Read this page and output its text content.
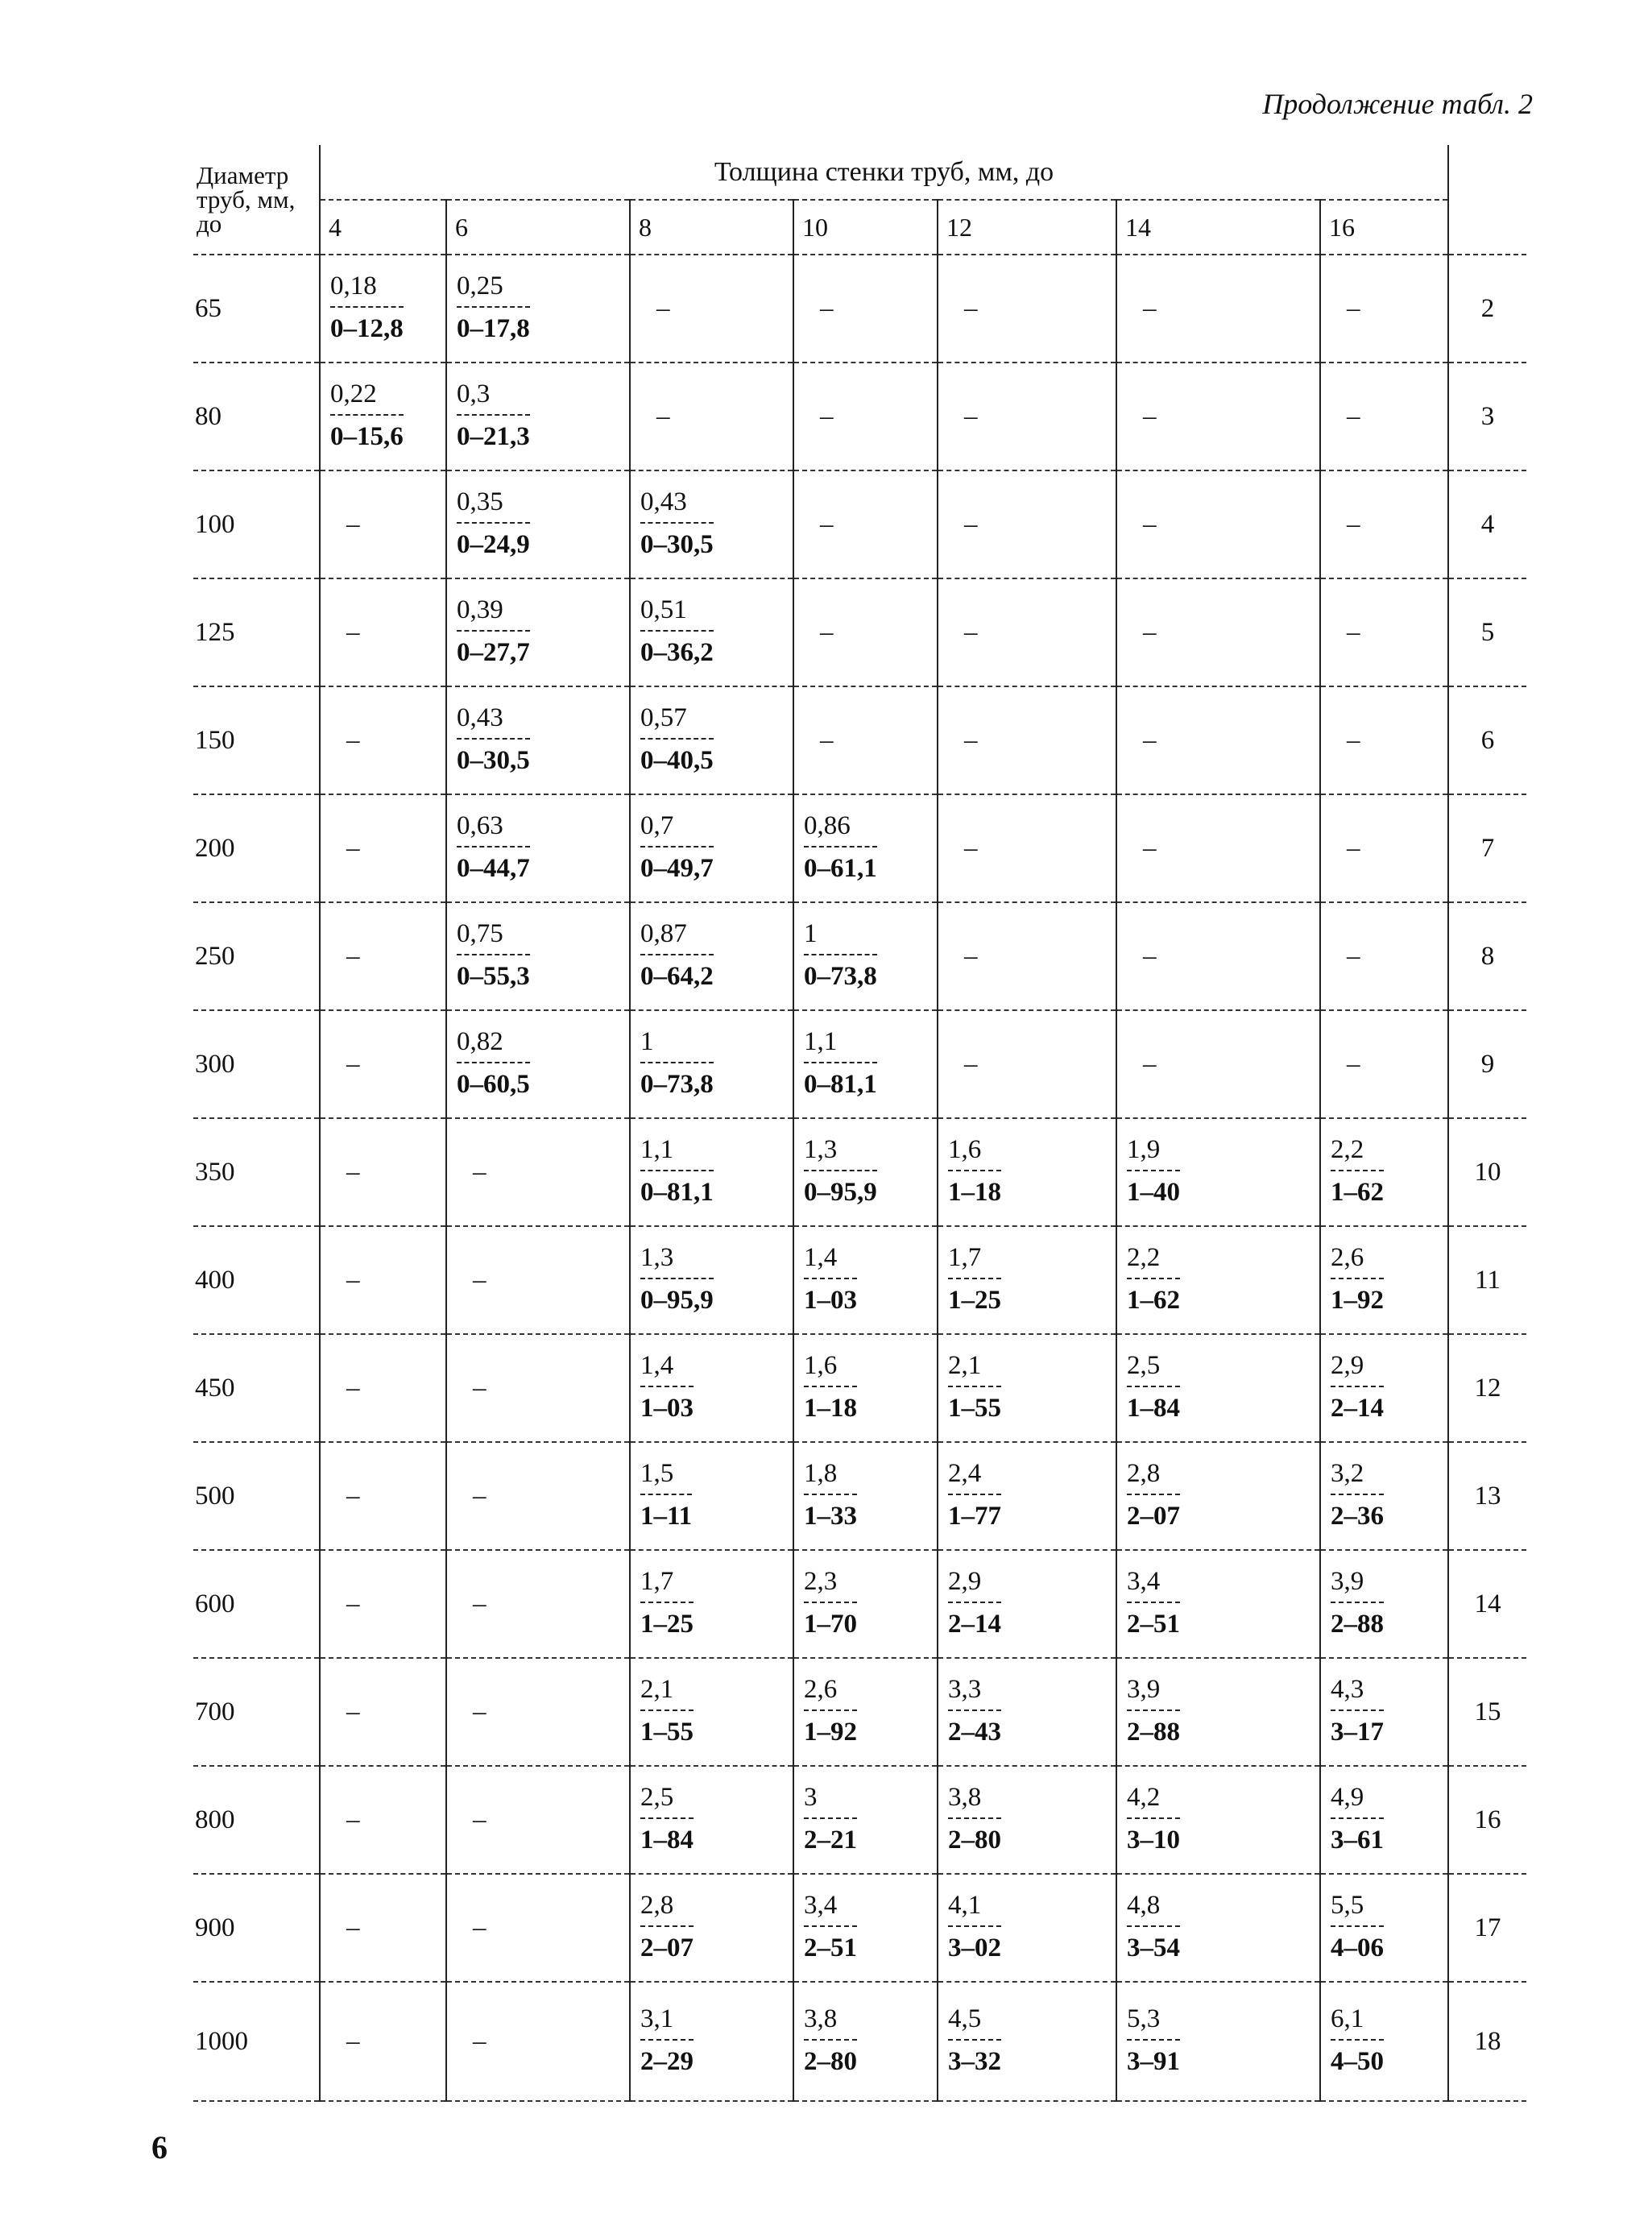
Продолжение табл. 2
Диаметр труб, мм, до	Толщина стенки труб, мм, до							
	4	6	8	10	12	14	16	
65	$\frac{0,18}{0-12,8}$	$\frac{0,25}{0-17,8}$	–	–	–	–	–	2
80	$\frac{0,22}{0-15,6}$	$\frac{0,3}{0-21,3}$	–	–	–	–	–	3
100	–	$\frac{0,35}{0-24,9}$	$\frac{0,43}{0-30,5}$	–	–	–	–	4
125	–	$\frac{0,39}{0-27,7}$	$\frac{0,51}{0-36,2}$	–	–	–	–	5
150	–	$\frac{0,43}{0-30,5}$	$\frac{0,57}{0-40,5}$	–	–	–	–	6
200	–	$\frac{0,63}{0-44,7}$	$\frac{0,7}{0-49,7}$	$\frac{0,86}{0-61,1}$	–	–	–	7
250	–	$\frac{0,75}{0-55,3}$	$\frac{0,87}{0-64,2}$	$\frac{1}{0-73,8}$	–	–	–	8
300	–	$\frac{0,82}{0-60,5}$	$\frac{1}{0-73,8}$	$\frac{1,1}{0-81,1}$	–	–	–	9
350	–	–	$\frac{1,1}{0-81,1}$	$\frac{1,3}{0-95,9}$	$\frac{1,6}{1-18}$	$\frac{1,9}{1-40}$	$\frac{2,2}{1-62}$	10
400	–	–	$\frac{1,3}{0-95,9}$	$\frac{1,4}{1-03}$	$\frac{1,7}{1-25}$	$\frac{2,2}{1-62}$	$\frac{2,6}{1-92}$	11
450	–	–	$\frac{1,4}{1-03}$	$\frac{1,6}{1-18}$	$\frac{2,1}{1-55}$	$\frac{2,5}{1-84}$	$\frac{2,9}{2-14}$	12
500	–	–	$\frac{1,5}{1-11}$	$\frac{1,8}{1-33}$	$\frac{2,4}{1-77}$	$\frac{2,8}{2-07}$	$\frac{3,2}{2-36}$	13
600	–	–	$\frac{1,7}{1-25}$	$\frac{2,3}{1-70}$	$\frac{2,9}{2-14}$	$\frac{3,4}{2-51}$	$\frac{3,9}{2-88}$	14
700	–	–	$\frac{2,1}{1-55}$	$\frac{2,6}{1-92}$	$\frac{3,3}{2-43}$	$\frac{3,9}{2-88}$	$\frac{4,3}{3-17}$	15
800	–	–	$\frac{2,5}{1-84}$	$\frac{3}{2-21}$	$\frac{3,8}{2-80}$	$\frac{4,2}{3-10}$	$\frac{4,9}{3-61}$	16
900	–	–	$\frac{2,8}{2-07}$	$\frac{3,4}{2-51}$	$\frac{4,1}{3-02}$	$\frac{4,8}{3-54}$	$\frac{5,5}{4-06}$	17
1000	–	–	$\frac{3,1}{2-29}$	$\frac{3,8}{2-80}$	$\frac{4,5}{3-32}$	$\frac{5,3}{3-91}$	$\frac{6,1}{4-50}$	18
6
